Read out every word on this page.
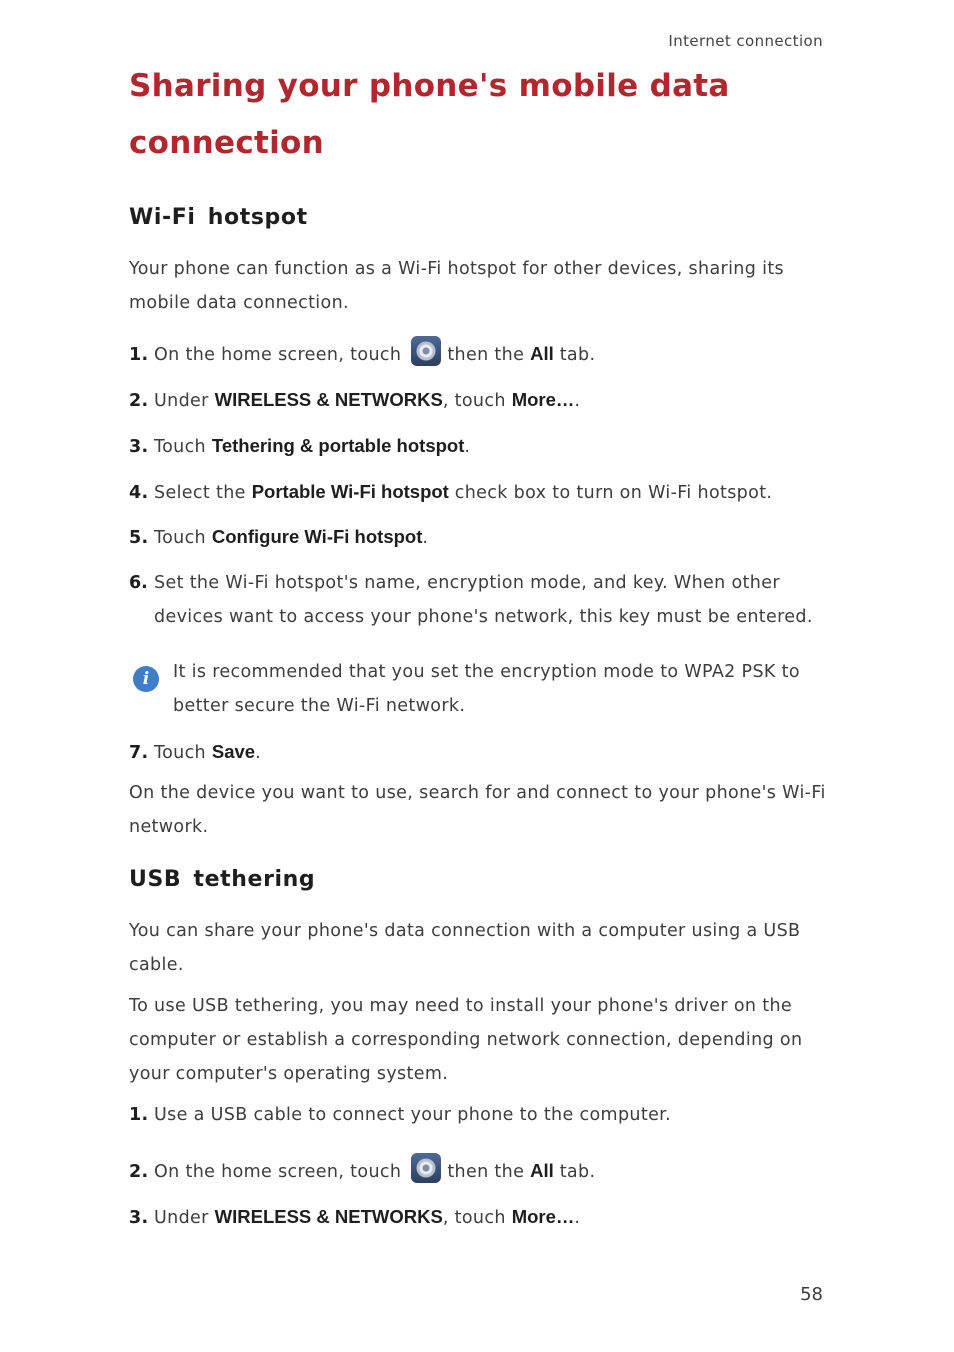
Internet connection
Sharing your phone's mobile data
connection
Wi-Fi hotspot
Your phone can function as a Wi-Fi hotspot for other devices, sharing its mobile data connection.
1. On the home screen, touch	then the All tab.
2. Under WIRELESS & NETWORKS, touch More….
3. Touch Tethering & portable hotspot.
4. Select the Portable Wi-Fi hotspot check box to turn on Wi-Fi hotspot.
5. Touch Configure Wi-Fi hotspot.
6. Set the Wi-Fi hotspot's name, encryption mode, and key. When other devices want to access your phone's network, this key must be entered.
i	It is recommended that you set the encryption mode to WPA2 PSK to better secure the Wi-Fi network.
7. Touch Save.
On the device you want to use, search for and connect to your phone's Wi-Fi network.
USB tethering
You can share your phone's data connection with a computer using a USB cable.
To use USB tethering, you may need to install your phone's driver on the computer or establish a corresponding network connection, depending on your computer's operating system.
1. Use a USB cable to connect your phone to the computer.
2. On the home screen, touch	then the All tab.
3. Under WIRELESS & NETWORKS, touch More….
58
